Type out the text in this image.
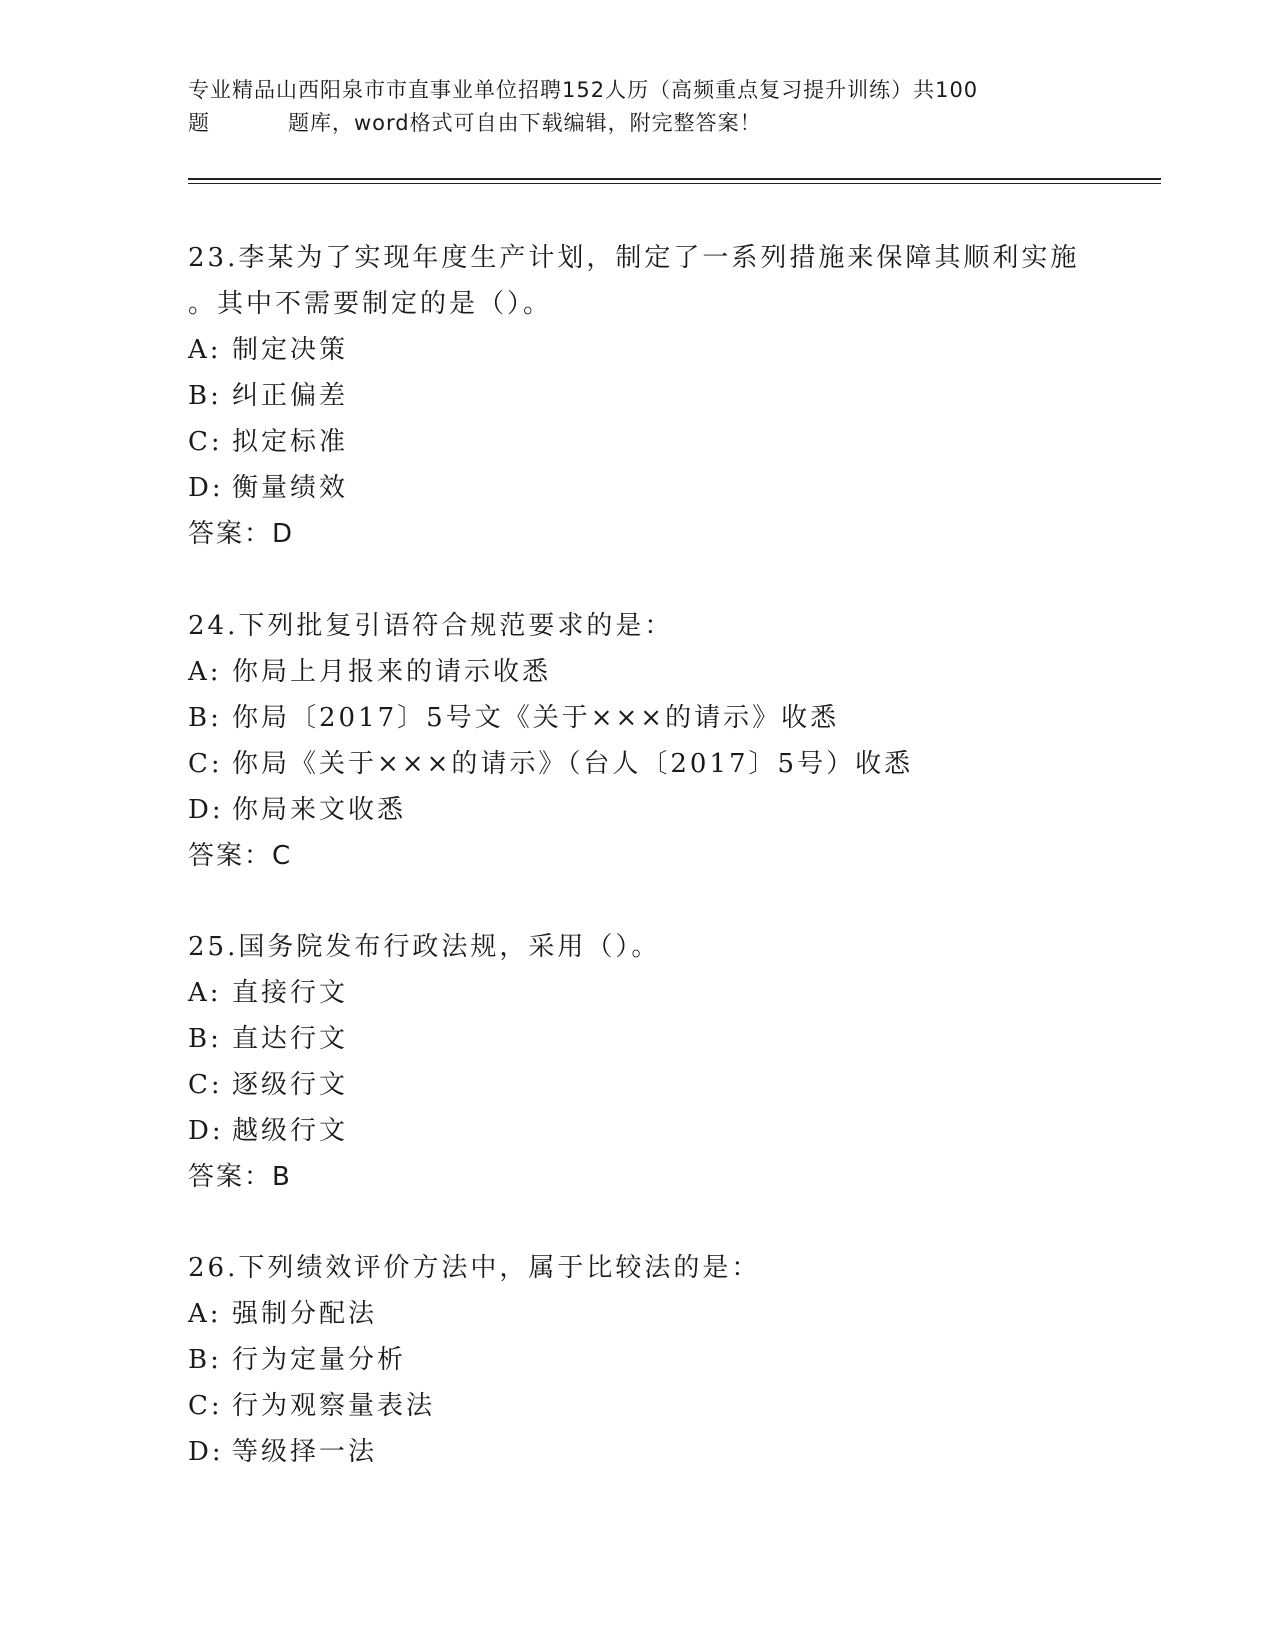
专业精品山西阳泉市市直事业单位招聘152人历（高频重点复习提升训练）共100
题	题库，word格式可自由下载编辑，附完整答案！
23.李某为了实现年度生产计划，制定了一系列措施来保障其顺利实施
。其中不需要制定的是（）。
A: 制定决策
B: 纠正偏差
C: 拟定标准
D: 衡量绩效
答案：D
24.下列批复引语符合规范要求的是：
A: 你局上月报来的请示收悉
B: 你局〔2017〕5号文《关于×××的请示》收悉
C: 你局《关于×××的请示》（台人〔2017〕5号）收悉
D: 你局来文收悉
答案：C
25.国务院发布行政法规，采用（）。
A: 直接行文
B: 直达行文
C: 逐级行文
D: 越级行文
答案：B
26.下列绩效评价方法中，属于比较法的是：
A: 强制分配法
B: 行为定量分析
C: 行为观察量表法
D: 等级择一法
